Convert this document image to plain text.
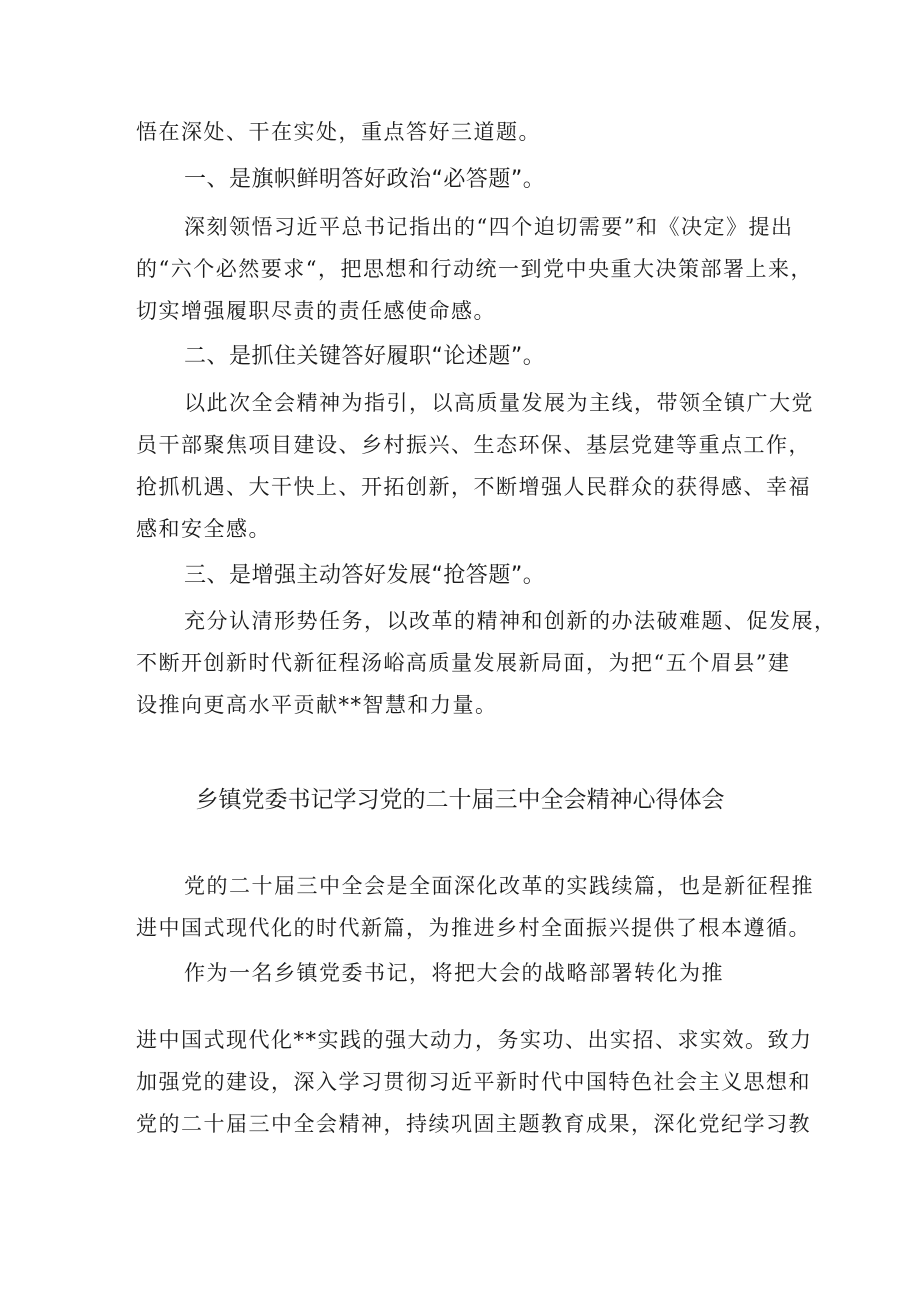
悟在深处、干在实处，重点答好三道题。
一、是旗帜鲜明答好政治“必答题”。
深刻领悟习近平总书记指出的“四个迫切需要”和《决定》提出
的“六个必然要求“，把思想和行动统一到党中央重大决策部署上来，
切实增强履职尽责的责任感使命感。
二、是抓住关键答好履职“论述题”。
以此次全会精神为指引，以高质量发展为主线，带领全镇广大党
员干部聚焦项目建设、乡村振兴、生态环保、基层党建等重点工作，
抢抓机遇、大干快上、开拓创新，不断增强人民群众的获得感、幸福
感和安全感。
三、是增强主动答好发展“抢答题”。
充分认清形势任务，以改革的精神和创新的办法破难题、促发展，
不断开创新时代新征程汤峪高质量发展新局面，为把“五个眉县”建
设推向更高水平贡献**智慧和力量。
乡镇党委书记学习党的二十届三中全会精神心得体会
党的二十届三中全会是全面深化改革的实践续篇，也是新征程推
进中国式现代化的时代新篇，为推进乡村全面振兴提供了根本遵循。
作为一名乡镇党委书记，将把大会的战略部署转化为推
进中国式现代化**实践的强大动力，务实功、出实招、求实效。致力
加强党的建设，深入学习贯彻习近平新时代中国特色社会主义思想和
党的二十届三中全会精神，持续巩固主题教育成果，深化党纪学习教
